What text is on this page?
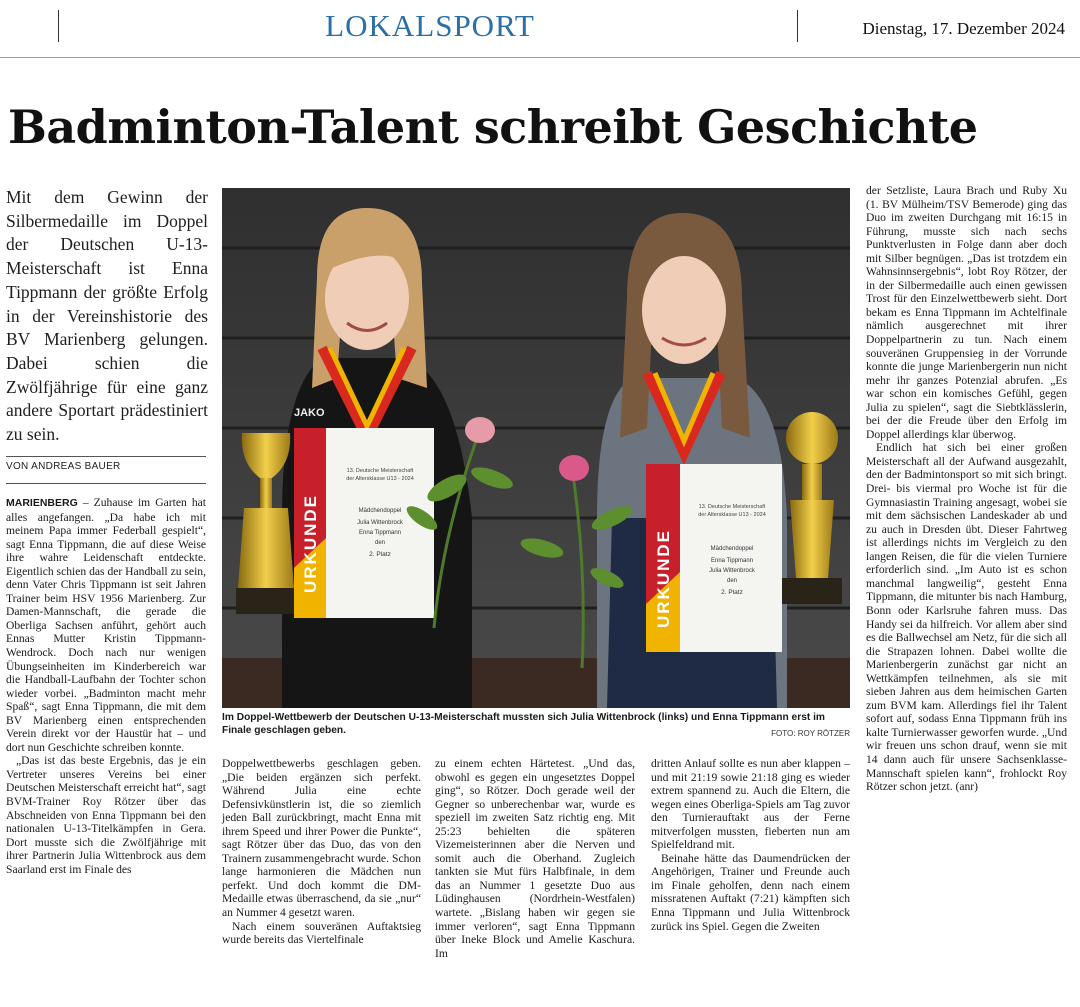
LOKALSPORT	Dienstag, 17. Dezember 2024
Badminton-Talent schreibt Geschichte

Mit dem Gewinn der Silbermedaille im Doppel der Deutschen U-13-Meisterschaft ist Enna Tippmann der größte Erfolg in der Vereinshistorie des BV Marienberg gelungen. Dabei schien die Zwölfjährige für eine ganz andere Sportart prädestiniert zu sein.

VON ANDREAS BAUER

MARIENBERG – Zuhause im Garten hat alles angefangen. „Da habe ich mit meinem Papa immer Federball gespielt“, sagt Enna Tippmann, die auf diese Weise ihre wahre Leidenschaft entdeckte. Eigentlich schien das der Handball zu sein, denn Vater Chris Tippmann ist seit Jahren Trainer beim HSV 1956 Marienberg. Zur Damen-Mannschaft, die gerade die Oberliga Sachsen anführt, gehört auch Ennas Mutter Kristin Tippmann-Wendrock. Doch nach nur wenigen Übungseinheiten im Kinderbereich war die Handball-Laufbahn der Tochter schon wieder vorbei. „Badminton macht mehr Spaß“, sagt Enna Tippmann, die mit dem BV Marienberg einen entsprechenden Verein direkt vor der Haustür hat – und dort nun Geschichte schreiben konnte.

„Das ist das beste Ergebnis, das je ein Vertreter unseres Vereins bei einer Deutschen Meisterschaft erreicht hat“, sagt BVM-Trainer Roy Rötzer über das Abschneiden von Enna Tippmann bei den nationalen U-13-Titelkämpfen in Gera. Dort musste sich die Zwölfjährige mit ihrer Partnerin Julia Wittenbrock aus dem Saarland erst im Finale des

JAKO
URKUNDE
13. Deutsche Meisterschaft
der Altersklasse U13 - 2024
Mädchendoppel
Julia Wittenbrock
Enna Tippmann
den
2. Platz	URKUNDE
13. Deutsche Meisterschaft
der Altersklasse U13 - 2024
Mädchendoppel
Enna Tippmann
Julia Wittenbrock
den
2. Platz
Im Doppel-Wettbewerb der Deutschen U-13-Meisterschaft mussten sich Julia Wittenbrock (links) und Enna Tippmann erst im Finale geschlagen geben.	FOTO: ROY RÖTZER

Doppelwettbewerbs geschlagen geben. „Die beiden ergänzen sich perfekt. Während Julia eine echte Defensivkünstlerin ist, die so ziemlich jeden Ball zurückbringt, macht Enna mit ihrem Speed und ihrer Power die Punkte“, sagt Rötzer über das Duo, das von den Trainern zusammengebracht wurde. Schon lange harmonieren die Mädchen nun perfekt. Und doch kommt die DM-Medaille etwas überraschend, da sie „nur“ an Nummer 4 gesetzt waren.

Nach einem souveränen Auftaktsieg wurde bereits das Viertelfinale

zu einem echten Härtetest. „Und das, obwohl es gegen ein ungesetztes Doppel ging“, so Rötzer. Doch gerade weil der Gegner so unberechenbar war, wurde es speziell im zweiten Satz richtig eng. Mit 25:23 behielten die späteren Vizemeisterinnen aber die Nerven und somit auch die Oberhand. Zugleich tankten sie Mut fürs Halbfinale, in dem das an Nummer 1 gesetzte Duo aus Lüdinghausen (Nordrhein-Westfalen) wartete. „Bislang haben wir gegen sie immer verloren“, sagt Enna Tippmann über Ineke Block und Amelie Kaschura. Im

dritten Anlauf sollte es nun aber klappen – und mit 21:19 sowie 21:18 ging es wieder extrem spannend zu. Auch die Eltern, die wegen eines Oberliga-Spiels am Tag zuvor den Turnierauftakt aus der Ferne mitverfolgen mussten, fieberten nun am Spielfeldrand mit.

Beinahe hätte das Daumendrücken der Angehörigen, Trainer und Freunde auch im Finale geholfen, denn nach einem missratenen Auftakt (7:21) kämpften sich Enna Tippmann und Julia Wittenbrock zurück ins Spiel. Gegen die Zweiten

der Setzliste, Laura Brach und Ruby Xu (1. BV Mülheim/TSV Bemerode) ging das Duo im zweiten Durchgang mit 16:15 in Führung, musste sich nach sechs Punktverlusten in Folge dann aber doch mit Silber begnügen. „Das ist trotzdem ein Wahnsinnsergebnis“, lobt Roy Rötzer, der in der Silbermedaille auch einen gewissen Trost für den Einzelwettbewerb sieht. Dort bekam es Enna Tippmann im Achtelfinale nämlich ausgerechnet mit ihrer Doppelpartnerin zu tun. Nach einem souveränen Gruppensieg in der Vorrunde konnte die junge Marienbergerin nun nicht mehr ihr ganzes Potenzial abrufen. „Es war schon ein komisches Gefühl, gegen Julia zu spielen“, sagt die Siebtklässlerin, bei der die Freude über den Erfolg im Doppel allerdings klar überwog.

Endlich hat sich bei einer großen Meisterschaft all der Aufwand ausgezahlt, den der Badmintonsport so mit sich bringt. Drei- bis viermal pro Woche ist für die Gymnasiastin Training angesagt, wobei sie mit dem sächsischen Landeskader ab und zu auch in Dresden übt. Dieser Fahrtweg ist allerdings nichts im Vergleich zu den langen Reisen, die für die vielen Turniere erforderlich sind. „Im Auto ist es schon manchmal langweilig“, gesteht Enna Tippmann, die mitunter bis nach Hamburg, Bonn oder Karlsruhe fahren muss. Das Handy sei da hilfreich. Vor allem aber sind es die Ballwechsel am Netz, für die sich all die Strapazen lohnen. Dabei wollte die Marienbergerin zunächst gar nicht an Wettkämpfen teilnehmen, als sie mit sieben Jahren aus dem heimischen Garten zum BVM kam. Allerdings fiel ihr Talent sofort auf, sodass Enna Tippmann früh ins kalte Turnierwasser geworfen wurde. „Und wir freuen uns schon drauf, wenn sie mit 14 dann auch für unsere Sachsenklasse-Mannschaft spielen kann“, frohlockt Roy Rötzer schon jetzt. (anr)
